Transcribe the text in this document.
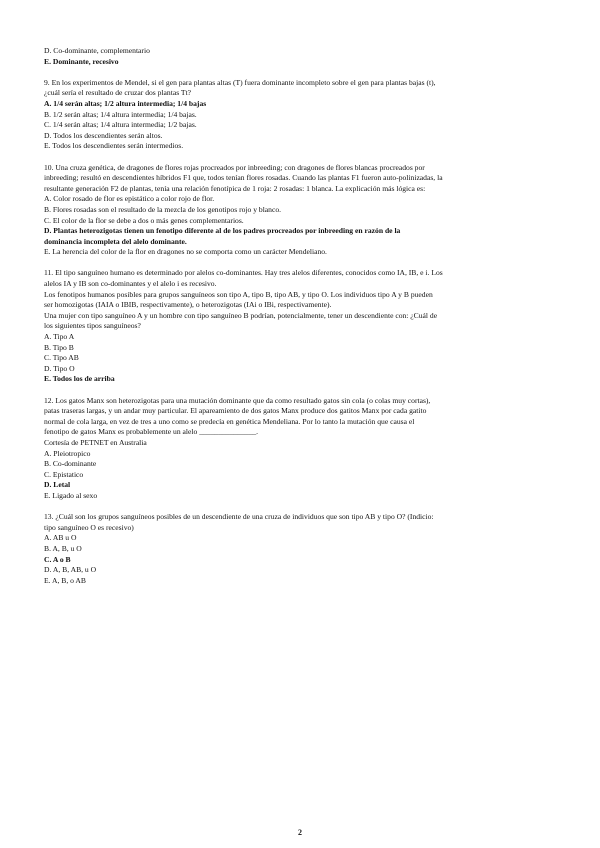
D. Co-dominante, complementario
E. Dominante, recesivo
9. En los experimentos de Mendel, si el gen para plantas altas (T) fuera dominante incompleto sobre el gen para plantas bajas (t),
¿cuál sería el resultado de cruzar dos plantas Tt?
A. 1/4 serán altas; 1/2 altura intermedia; 1/4 bajas
B. 1/2 serán altas; 1/4 altura intermedia; 1/4 bajas.
C. 1/4 serán altas; 1/4 altura intermedia; 1/2 bajas.
D. Todos los descendientes serán altos.
E. Todos los descendientes serán intermedios.
10. Una cruza genética, de dragones de flores rojas procreados por inbreeding; con dragones de flores blancas procreados por
inbreeding; resultó en descendientes híbridos F1 que, todos tenían flores rosadas. Cuando las plantas F1 fueron auto-polinizadas, la
resultante generación F2 de plantas, tenía una relación fenotípica de 1 roja: 2 rosadas: 1 blanca. La explicación más lógica es:
A. Color rosado de flor es epistático a color rojo de flor.
B. Flores rosadas son el resultado de la mezcla de los genotipos rojo y blanco.
C. El color de la flor se debe a dos o más genes complementarios.
D. Plantas heterozigotas tienen un fenotipo diferente al de los padres procreados por inbreeding en razón de la
dominancia incompleta del alelo dominante.
E. La herencia del color de la flor en dragones no se comporta como un carácter Mendeliano.
11. El tipo sanguíneo humano es determinado por alelos co-dominantes. Hay tres alelos diferentes, conocidos como IA, IB, e i. Los
alelos IA y IB son co-dominantes y el alelo i es recesivo.
Los fenotipos humanos posibles para grupos sanguíneos son tipo A, tipo B, tipo AB, y tipo O. Los individuos tipo A y B pueden
ser homozigotas (IAIA o IBIB, respectivamente), o heterozigotas (IAi o IBi, respectivamente).
Una mujer con tipo sanguíneo A y un hombre con tipo sanguíneo B podrían, potencialmente, tener un descendiente con: ¿Cuál de
los siguientes tipos sanguíneos?
A. Tipo A
B. Tipo B
C. Tipo AB
D. Tipo O
E. Todos los de arriba
12. Los gatos Manx son heterozigotas para una mutación dominante que da como resultado gatos sin cola (o colas muy cortas),
patas traseras largas, y un andar muy particular. El apareamiento de dos gatos Manx produce dos gatitos Manx por cada gatito
normal de cola larga, en vez de tres a uno como se predecía en genética Mendeliana. Por lo tanto la mutación que causa el
fenotipo de gatos Manx es probablemente un alelo _______________.
Cortesía de PETNET en Australia
A. Pleiotropico
B. Co-dominante
C. Epistatico
D. Letal
E. Ligado al sexo
13. ¿Cuál son los grupos sanguíneos posibles de un descendiente de una cruza de individuos que son tipo AB y tipo O? (Indicio:
tipo sanguíneo O es recesivo)
A. AB u O
B. A, B, u O
C. A o B
D. A, B, AB, u O
E. A, B, o AB
2
